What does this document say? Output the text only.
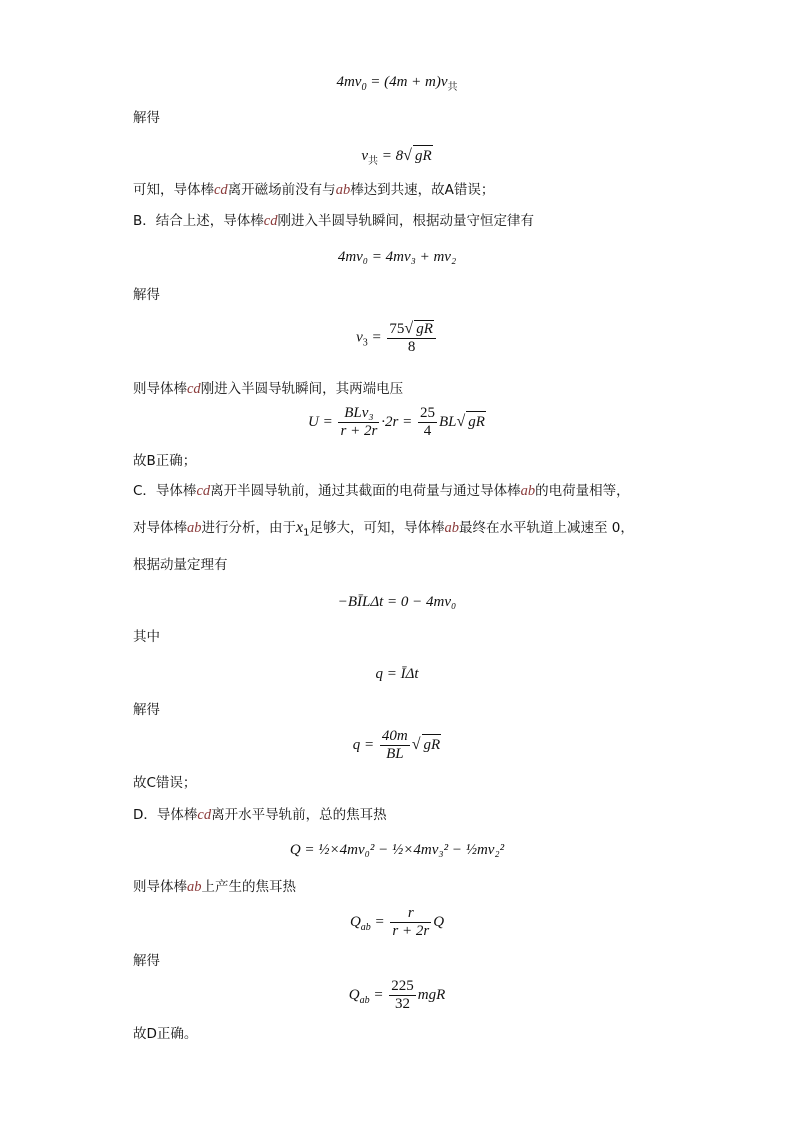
$4mv_0 = (4m + m)v_共$
解得
$v_共 = 8√$ gR
可知，导体棒cd离开磁场前没有与ab棒达到共速，故A错误；
B．结合上述，导体棒cd刚进入半圆导轨瞬间，根据动量守恒定律有
4mv₀ = 4mv₃ + mv₂
解得
$v_3 = \frac{75√ gR}{8}$
则导体棒cd刚进入半圆导轨瞬间，其两端电压
$U = \frac{\text{BLv₃}}{r + 2r} \cdot 2r = \frac{25}{4} BL√$ gR
故B正确；
C．导体棒cd离开半圆导轨前，通过其截面的电荷量与通过导体棒ab的电荷量相等，
对导体棒ab进行分析，由于$x_1$足够大，可知，导体棒ab最终在水平轨道上减速至 0，
根据动量定理有
−BĪLΔt = 0 − 4mv₀
其中
q = ĪΔt
解得
$q = \frac{40m}{BL}$ √ gR
故C错误；
D．导体棒cd离开水平导轨前，总的焦耳热
Q = ½×4mv₀² − ½×4mv₃² − ½mv₂²
则导体棒ab上产生的焦耳热
$Q_{ab} = \frac{r}{r + 2r}$ Q
解得
$Q_{ab} = \frac{225}{32}$ mgR
故D正确。
